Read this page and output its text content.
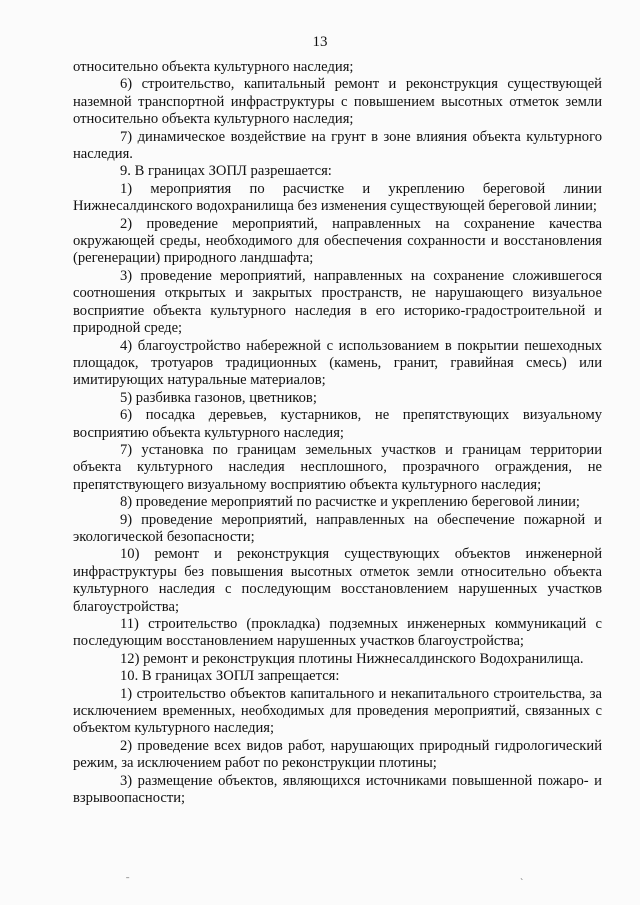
13

относительно объекта культурного наследия;

6) строительство, капитальный ремонт и реконструкция существующей наземной транспортной инфраструктуры с повышением высотных отметок земли относительно объекта культурного наследия;

7) динамическое воздействие на грунт в зоне влияния объекта культурного наследия.

9. В границах ЗОПЛ разрешается:

1) мероприятия по расчистке и укреплению береговой линии Нижнесалдинского водохранилища без изменения существующей береговой линии;

2) проведение мероприятий, направленных на сохранение качества окружающей среды, необходимого для обеспечения сохранности и восстановления (регенерации) природного ландшафта;

3) проведение мероприятий, направленных на сохранение сложившегося соотношения открытых и закрытых пространств, не нарушающего визуальное восприятие объекта культурного наследия в его историко-градостроительной и природной среде;

4) благоустройство набережной с использованием в покрытии пешеходных площадок, тротуаров традиционных (камень, гранит, гравийная смесь) или имитирующих натуральные материалов;

5) разбивка газонов, цветников;

6) посадка деревьев, кустарников, не препятствующих визуальному восприятию объекта культурного наследия;

7) установка по границам земельных участков и границам территории объекта культурного наследия несплошного, прозрачного ограждения, не препятствующего визуальному восприятию объекта культурного наследия;

8) проведение мероприятий по расчистке и укреплению береговой линии;

9) проведение мероприятий, направленных на обеспечение пожарной и экологической безопасности;

10) ремонт и реконструкция существующих объектов инженерной инфраструктуры без повышения высотных отметок земли относительно объекта культурного наследия с последующим восстановлением нарушенных участков благоустройства;

11) строительство (прокладка) подземных инженерных коммуникаций с последующим восстановлением нарушенных участков благоустройства;

12) ремонт и реконструкция плотины Нижнесалдинского Водохранилища.

10. В границах ЗОПЛ запрещается:

1) строительство объектов капитального и некапитального строительства, за исключением временных, необходимых для проведения мероприятий, связанных с объектом культурного наследия;

2) проведение всех видов работ, нарушающих природный гидрологический режим, за исключением работ по реконструкции плотины;

3) размещение объектов, являющихся источниками повышенной пожаро- и взрывоопасности;

ˉ	ˋ
